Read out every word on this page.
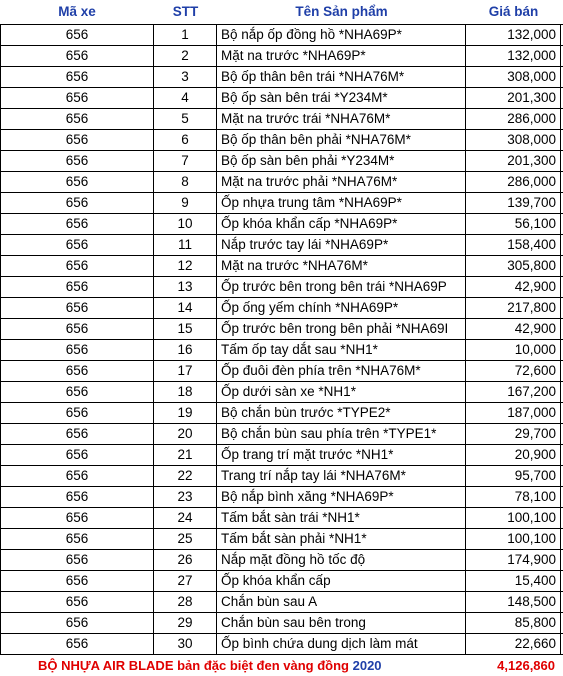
Mã xe	STT	Tên Sản phẩm	Giá bán
656	1	Bộ nắp ốp đồng hồ *NHA69P*	132,000
656	2	Mặt na trước *NHA69P*	132,000
656	3	Bộ ốp thân bên trái *NHA76M*	308,000
656	4	Bộ ốp sàn bên trái *Y234M*	201,300
656	5	Mặt na trước trái *NHA76M*	286,000
656	6	Bộ ốp thân bên phải *NHA76M*	308,000
656	7	Bộ ốp sàn bên phải *Y234M*	201,300
656	8	Mặt na trước phải *NHA76M*	286,000
656	9	Ốp nhựa trung tâm *NHA69P*	139,700
656	10	Ốp khóa khẩn cấp *NHA69P*	56,100
656	11	Nắp trước tay lái *NHA69P*	158,400
656	12	Mặt na trước *NHA76M*	305,800
656	13	Ốp trước bên trong bên trái *NHA69P	42,900
656	14	Ốp ống yếm chính *NHA69P*	217,800
656	15	Ốp trước bên trong bên phải *NHA69I	42,900
656	16	Tấm ốp tay dắt sau *NH1*	10,000
656	17	Ốp đuôi đèn phía trên *NHA76M*	72,600
656	18	Ốp dưới sàn xe *NH1*	167,200
656	19	Bộ chắn bùn trước *TYPE2*	187,000
656	20	Bộ chắn bùn sau phía trên *TYPE1*	29,700
656	21	Ốp trang trí mặt trước *NH1*	20,900
656	22	Trang trí nắp tay lái *NHA76M*	95,700
656	23	Bộ nắp bình xăng *NHA69P*	78,100
656	24	Tấm bắt sàn trái *NH1*	100,100
656	25	Tấm bắt sàn phải *NH1*	100,100
656	26	Nắp mặt đồng hồ tốc độ	174,900
656	27	Ốp khóa khẩn cấp	15,400
656	28	Chắn bùn sau A	148,500
656	29	Chắn bùn sau bên trong	85,800
656	30	Ốp bình chứa dung dịch làm mát	22,660
BỘ NHỰA AIR BLADE bản đặc biệt đen vàng đồng 2020	4,126,860
